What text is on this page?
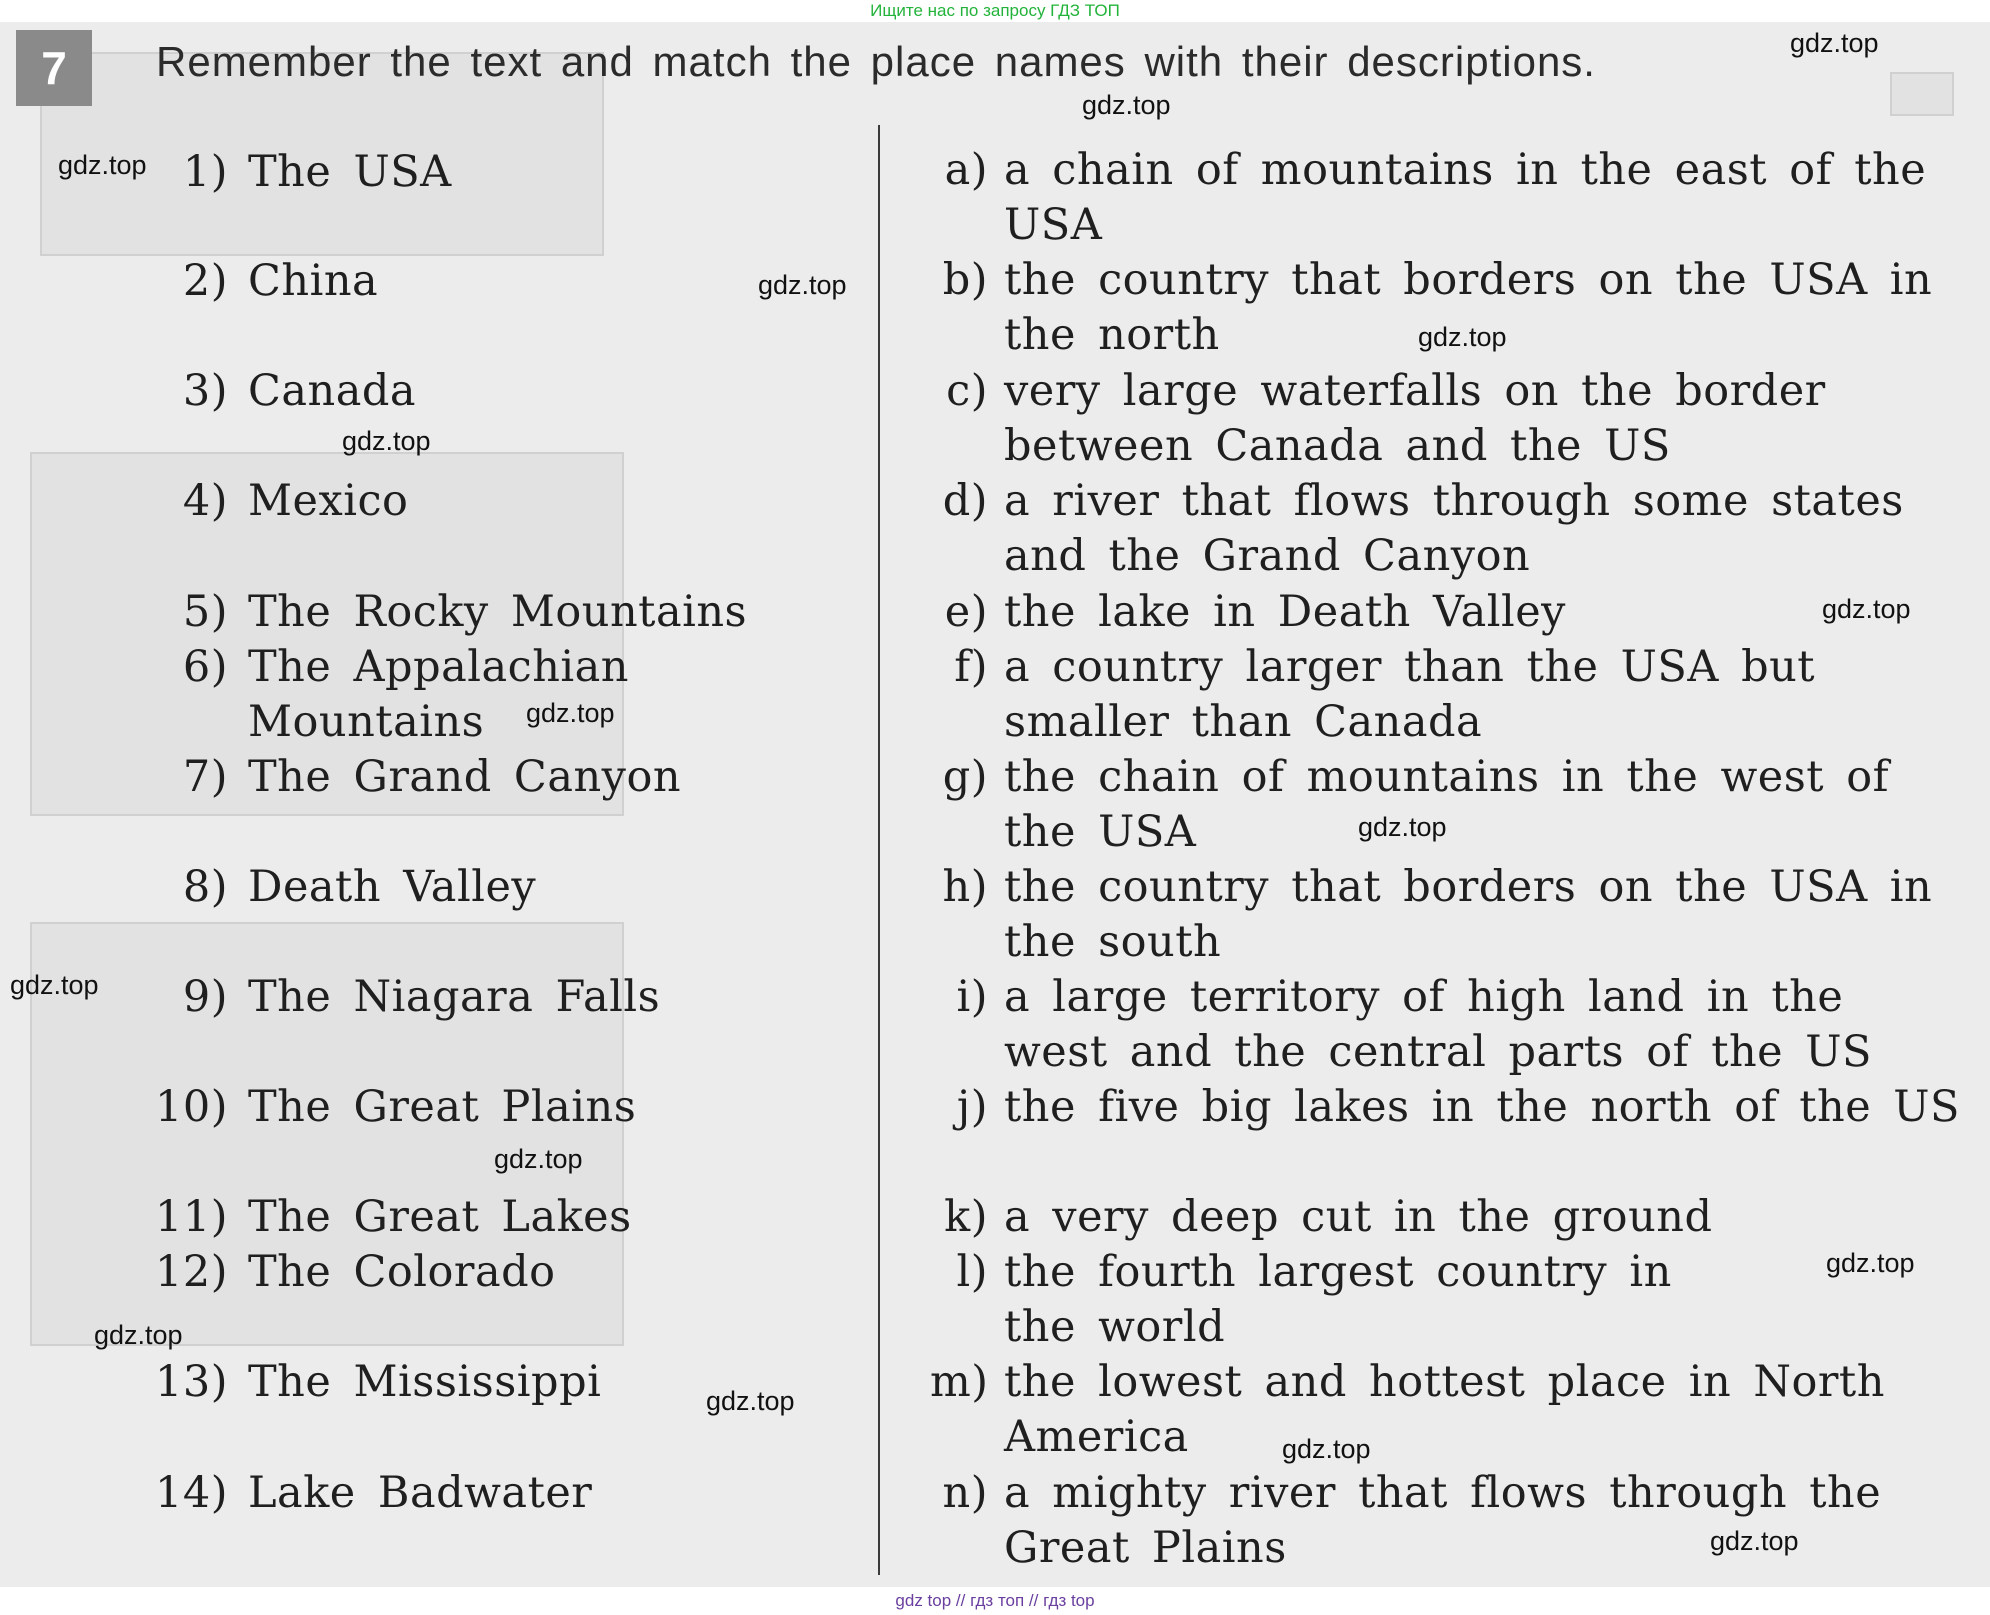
Ищите нас по запросу ГДЗ ТОП
7	Remember the text and match the place names with their descriptions.
1) The USA
2) China
3) Canada
4) Mexico
5) The Rocky Mountains
6) The Appalachian Mountains
7) The Grand Canyon
8) Death Valley
9) The Niagara Falls
10) The Great Plains
11) The Great Lakes
12) The Colorado
13) The Mississippi
14) Lake Badwater
a) a chain of mountains in the east of the USA
b) the country that borders on the USA in the north
c) very large waterfalls on the border between Canada and the US
d) a river that flows through some states and the Grand Canyon
e) the lake in Death Valley
f) a country larger than the USA but smaller than Canada
g) the chain of mountains in the west of the USA
h) the country that borders on the USA in the south
i) a large territory of high land in the west and the central parts of the US
j) the five big lakes in the north of the US
k) a very deep cut in the ground
l) the fourth largest country in the world
m) the lowest and hottest place in North America
n) a mighty river that flows through the Great Plains
gdz.top
gdz.top
gdz.top
gdz.top
gdz.top
gdz.top
gdz.top
gdz.top
gdz.top
gdz.top
gdz.top
gdz.top
gdz.top
gdz.top
gdz.top
gdz.top
gdz top // гдз топ // гдз top
